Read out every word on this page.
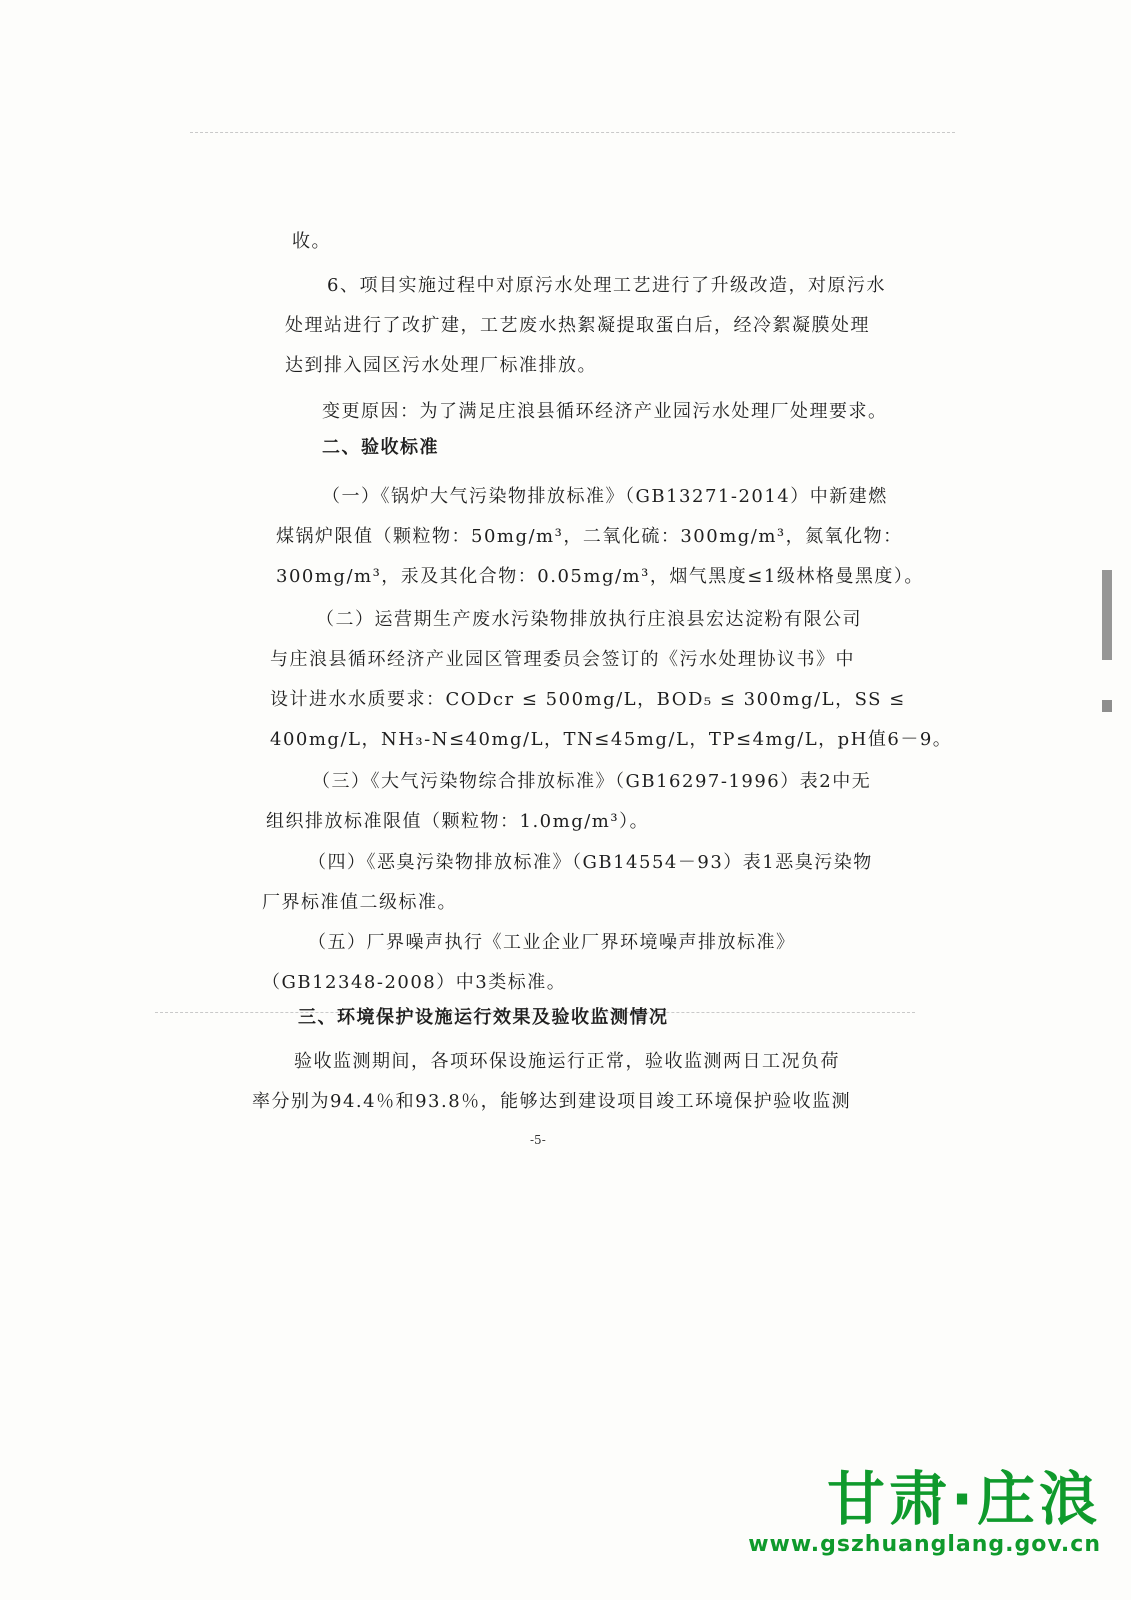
收。
6、项目实施过程中对原污水处理工艺进行了升级改造，对原污水
处理站进行了改扩建，工艺废水热絮凝提取蛋白后，经冷絮凝膜处理
达到排入园区污水处理厂标准排放。
变更原因：为了满足庄浪县循环经济产业园污水处理厂处理要求。
二、验收标准
（一）《锅炉大气污染物排放标准》（GB13271-2014）中新建燃
煤锅炉限值（颗粒物：50mg/m³，二氧化硫：300mg/m³，氮氧化物：
300mg/m³，汞及其化合物：0.05mg/m³，烟气黑度≤1级林格曼黑度）。
（二）运营期生产废水污染物排放执行庄浪县宏达淀粉有限公司
与庄浪县循环经济产业园区管理委员会签订的《污水处理协议书》中
设计进水水质要求：CODcr ≤ 500mg/L，BOD₅ ≤ 300mg/L，SS ≤
400mg/L，NH₃-N≤40mg/L，TN≤45mg/L，TP≤4mg/L，pH值6－9。
（三）《大气污染物综合排放标准》（GB16297-1996）表2中无
组织排放标准限值（颗粒物：1.0mg/m³）。
（四）《恶臭污染物排放标准》（GB14554－93）表1恶臭污染物
厂界标准值二级标准。
（五）厂界噪声执行《工业企业厂界环境噪声排放标准》
（GB12348-2008）中3类标准。
三、环境保护设施运行效果及验收监测情况
验收监测期间，各项环保设施运行正常，验收监测两日工况负荷
率分别为94.4％和93.8％，能够达到建设项目竣工环境保护验收监测
-5-
甘肃·庄浪
www.gszhuanglang.gov.cn
